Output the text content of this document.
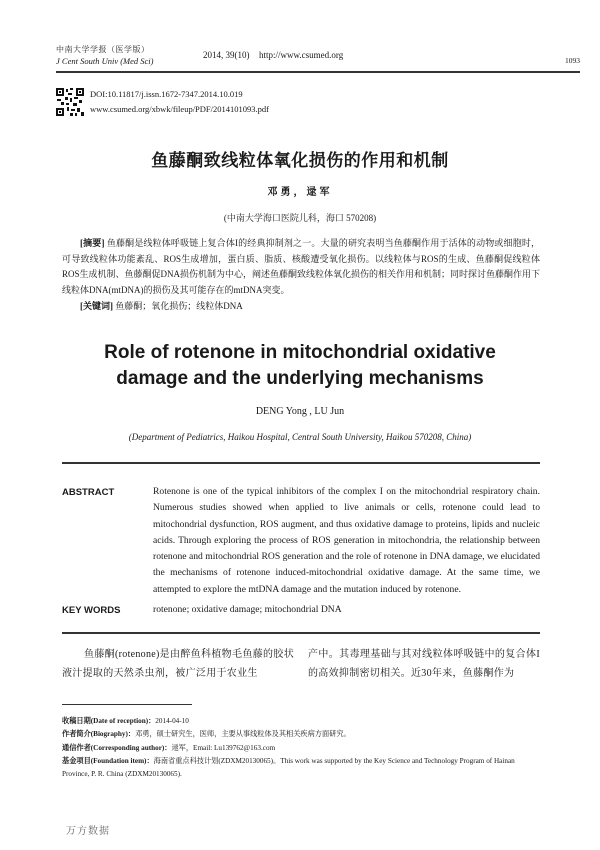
中南大学学报（医学版）
J Cent South Univ (Med Sci)
2014, 39(10) http://www.csumed.org
1093
DOI:10.11817/j.issn.1672-7347.2014.10.019
www.csumed.org/xbwk/fileup/PDF/2014101093.pdf
鱼藤酮致线粒体氧化损伤的作用和机制
邓勇，逯军
(中南大学海口医院儿科，海口 570208)
[摘要] 鱼藤酮是线粒体呼吸链上复合体I的经典抑制剂之一。大量的研究表明当鱼藤酮作用于活体的动物或细胞时，可导致线粒体功能紊乱、ROS生成增加，蛋白质、脂质、核酸遭受氧化损伤。以线粒体与ROS的生成、鱼藤酮促线粒体ROS生成机制、鱼藤酮促DNA损伤机制为中心，阐述鱼藤酮致线粒体氧化损伤的相关作用和机制；同时探讨鱼藤酮作用下线粒体DNA(mtDNA)的损伤及其可能存在的mtDNA突变。
[关键词] 鱼藤酮；氧化损伤；线粒体DNA
Role of rotenone in mitochondrial oxidative
damage and the underlying mechanisms
DENG Yong , LU Jun
(Department of Pediatrics, Haikou Hospital, Central South University, Haikou 570208, China)
ABSTRACT	Rotenone is one of the typical inhibitors of the complex I on the mitochondrial respiratory chain. Numerous studies showed when applied to live animals or cells, rotenone could lead to mitochondrial dysfunction, ROS augment, and thus oxidative damage to proteins, lipids and nucleic acids. Through exploring the process of ROS generation in mitochondria, the relationship between rotenone and mitochondrial ROS generation and the role of rotenone in DNA damage, we elucidated the mechanisms of rotenone induced-mitochondrial oxidative damage. At the same time, we attempted to explore the mtDNA damage and the mutation induced by rotenone.
KEY WORDS	rotenone; oxidative damage; mitochondrial DNA
鱼藤酮(rotenone)是由醉鱼科植物毛鱼藤的胶状液汁提取的天然杀虫剂，被广泛用于农业生
产中。其毒理基础与其对线粒体呼吸链中的复合体I的高效抑制密切相关。近30年来，鱼藤酮作为
收稿日期(Date of reception)：2014-04-10
作者简介(Biography)：邓勇，硕士研究生，医师，主要从事线粒体及其相关疾病方面研究。
通信作者(Corresponding author)：逯军，Email: Lu139762@163.com
基金项目(Foundation item)：海南省重点科技计划(ZDXM20130065)。This work was supported by the Key Science and Technology Program of Hainan Province, P. R. China (ZDXM20130065).
万方数据
